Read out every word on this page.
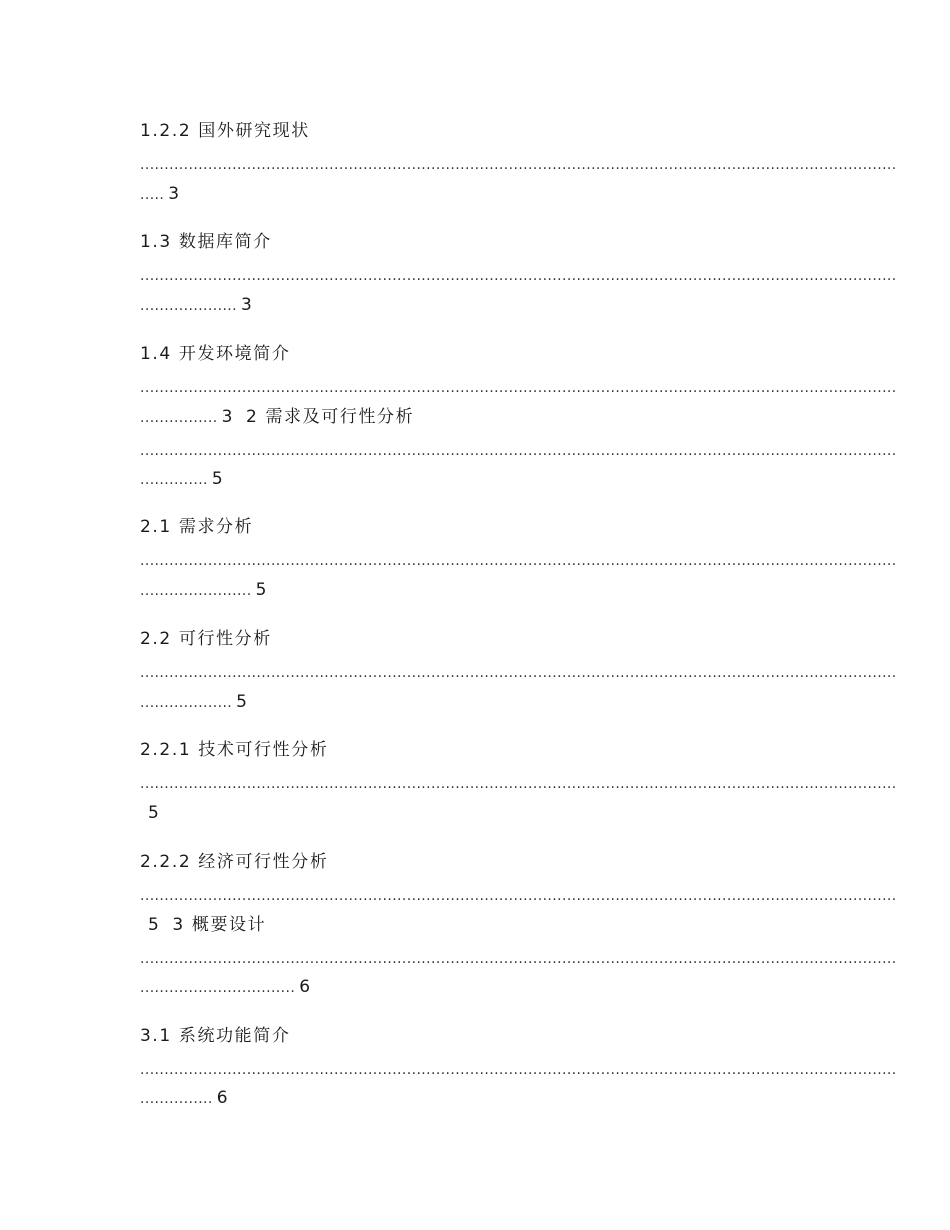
1.2.2 国外研究现状
............................................................................................................................................................
..... 3
1.3 数据库简介
............................................................................................................................................................
.................... 3
1.4 开发环境简介
............................................................................................................................................................
................ 3 2 需求及可行性分析
............................................................................................................................................................
.............. 5
2.1 需求分析
............................................................................................................................................................
....................... 5
2.2 可行性分析
............................................................................................................................................................
................... 5
2.2.1 技术可行性分析
............................................................................................................................................................
5
2.2.2 经济可行性分析
............................................................................................................................................................
5 3 概要设计
............................................................................................................................................................
................................ 6
3.1 系统功能简介
............................................................................................................................................................
............... 6
